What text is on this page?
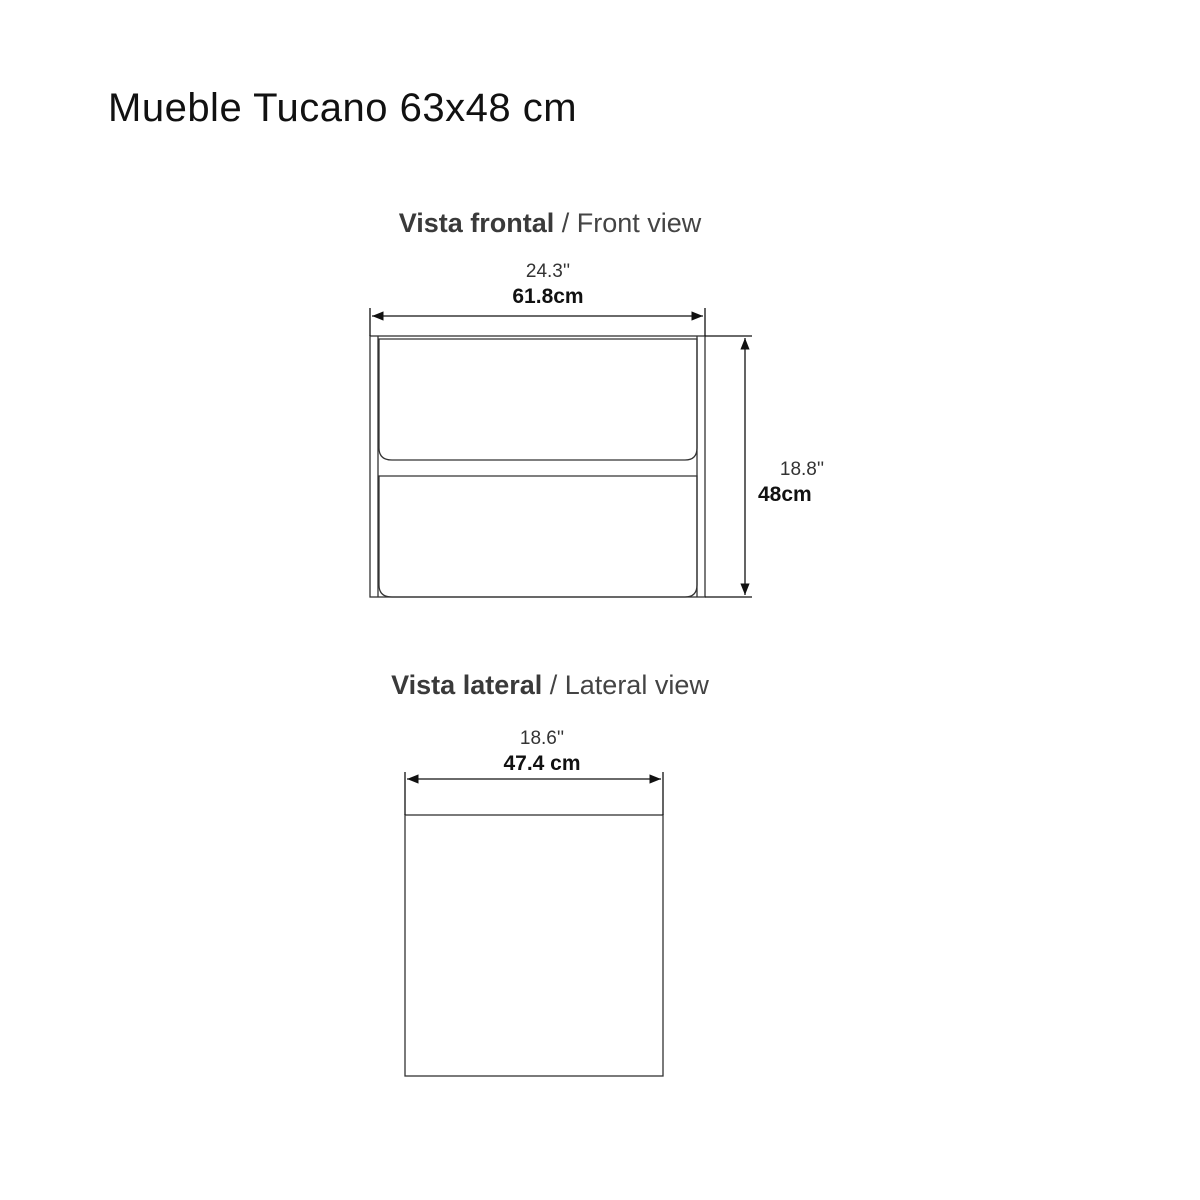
Mueble Tucano 63x48 cm
Vista frontal / Front view
24.3''
61.8cm
18.8''
48cm
Vista lateral / Lateral view
18.6''
47.4 cm
